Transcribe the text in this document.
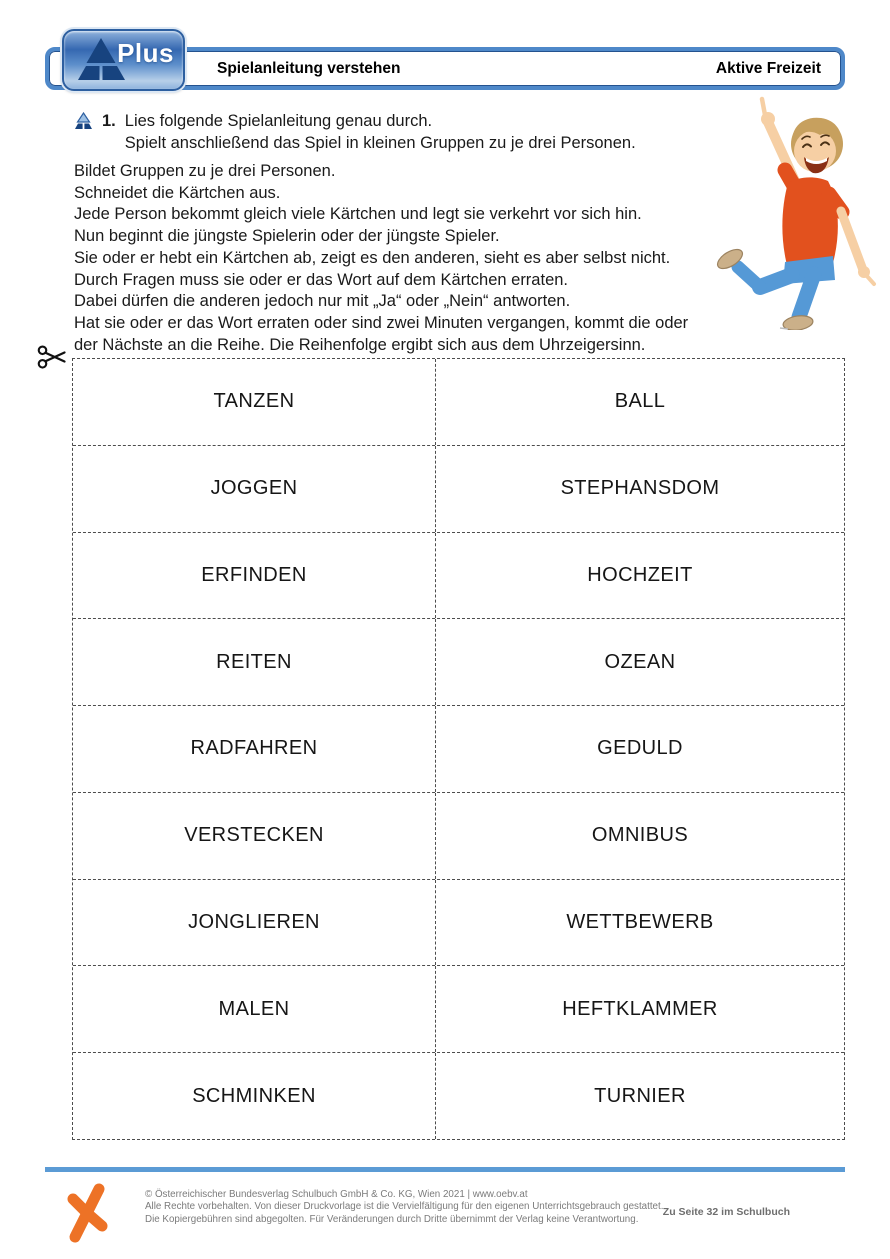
Spielanleitung verstehen	Aktive Freizeit
Plus
1. Lies folgende Spielanleitung genau durch.
Spielt anschließend das Spiel in kleinen Gruppen zu je drei Personen.
Bildet Gruppen zu je drei Personen.
Schneidet die Kärtchen aus.
Jede Person bekommt gleich viele Kärtchen und legt sie verkehrt vor sich hin.
Nun beginnt die jüngste Spielerin oder der jüngste Spieler.
Sie oder er hebt ein Kärtchen ab, zeigt es den anderen, sieht es aber selbst nicht.
Durch Fragen muss sie oder er das Wort auf dem Kärtchen erraten.
Dabei dürfen die anderen jedoch nur mit „Ja“ oder „Nein“ antworten.
Hat sie oder er das Wort erraten oder sind zwei Minuten vergangen, kommt die oder
der Nächste an die Reihe. Die Reihenfolge ergibt sich aus dem Uhrzeigersinn.
TANZEN	BALL
JOGGEN	STEPHANSDOM
ERFINDEN	HOCHZEIT
REITEN	OZEAN
RADFAHREN	GEDULD
VERSTECKEN	OMNIBUS
JONGLIEREN	WETTBEWERB
MALEN	HEFTKLAMMER
SCHMINKEN	TURNIER
© Österreichischer Bundesverlag Schulbuch GmbH & Co. KG, Wien 2021 | www.oebv.at
Alle Rechte vorbehalten. Von dieser Druckvorlage ist die Vervielfältigung für den eigenen Unterrichtsgebrauch gestattet.
Die Kopiergebühren sind abgegolten. Für Veränderungen durch Dritte übernimmt der Verlag keine Verantwortung.
Zu Seite 32 im Schulbuch
